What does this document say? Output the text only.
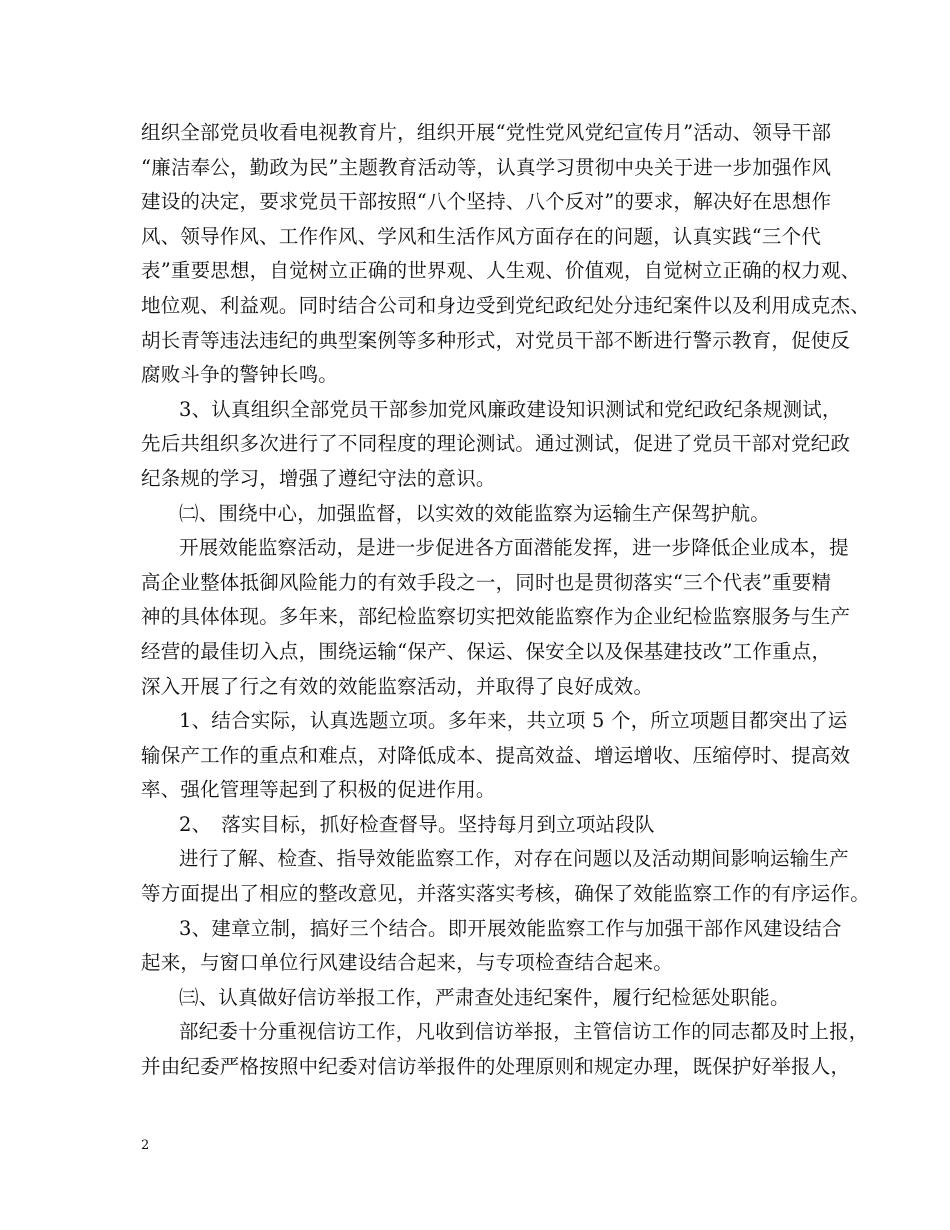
组织全部党员收看电视教育片，组织开展“党性党风党纪宣传月”活动、领导干部
“廉洁奉公，勤政为民”主题教育活动等，认真学习贯彻中央关于进一步加强作风
建设的决定，要求党员干部按照“八个坚持、八个反对”的要求，解决好在思想作
风、领导作风、工作作风、学风和生活作风方面存在的问题，认真实践“三个代
表”重要思想，自觉树立正确的世界观、人生观、价值观，自觉树立正确的权力观、
地位观、利益观。同时结合公司和身边受到党纪政纪处分违纪案件以及利用成克杰、
胡长青等违法违纪的典型案例等多种形式，对党员干部不断进行警示教育，促使反
腐败斗争的警钟长鸣。
3、认真组织全部党员干部参加党风廉政建设知识测试和党纪政纪条规测试，
先后共组织多次进行了不同程度的理论测试。通过测试，促进了党员干部对党纪政
纪条规的学习，增强了遵纪守法的意识。
㈡、围绕中心，加强监督，以实效的效能监察为运输生产保驾护航。
开展效能监察活动，是进一步促进各方面潜能发挥，进一步降低企业成本，提
高企业整体抵御风险能力的有效手段之一，同时也是贯彻落实“三个代表”重要精
神的具体体现。多年来，部纪检监察切实把效能监察作为企业纪检监察服务与生产
经营的最佳切入点，围绕运输“保产、保运、保安全以及保基建技改”工作重点，
深入开展了行之有效的效能监察活动，并取得了良好成效。
1、结合实际，认真选题立项。多年来，共立项 5 个，所立项题目都突出了运
输保产工作的重点和难点，对降低成本、提高效益、增运增收、压缩停时、提高效
率、强化管理等起到了积极的促进作用。
2、　落实目标，抓好检查督导。坚持每月到立项站段队
进行了解、检查、指导效能监察工作，对存在问题以及活动期间影响运输生产
等方面提出了相应的整改意见，并落实落实考核，确保了效能监察工作的有序运作。
3、建章立制，搞好三个结合。即开展效能监察工作与加强干部作风建设结合
起来，与窗口单位行风建设结合起来，与专项检查结合起来。
㈢、认真做好信访举报工作，严肃查处违纪案件，履行纪检惩处职能。
部纪委十分重视信访工作，凡收到信访举报，主管信访工作的同志都及时上报，
并由纪委严格按照中纪委对信访举报件的处理原则和规定办理，既保护好举报人，
2
